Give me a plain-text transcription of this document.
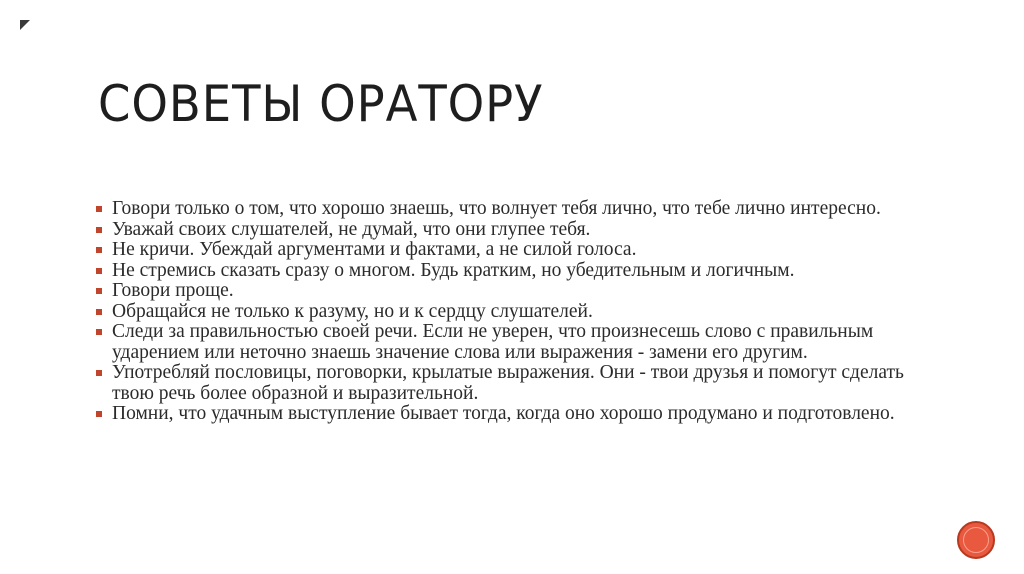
СОВЕТЫ ОРАТОРУ
Говори только о том, что хорошо знаешь, что волнует тебя лично, что тебе лично интересно.
Уважай своих слушателей, не думай, что они глупее тебя.
Не кричи. Убеждай аргументами и фактами, а не силой голоса.
Не стремись сказать сразу о многом. Будь кратким, но убедительным и логичным.
Говори проще.
Обращайся не только к разуму, но и к сердцу слушателей.
Следи за правильностью своей речи. Если не уверен, что произнесешь слово с правильным ударением или неточно знаешь значение слова или выражения - замени его другим.
Употребляй пословицы, поговорки, крылатые выражения. Они - твои друзья и помогут сделать твою речь более образной и выразительной.
Помни, что удачным выступление бывает тогда, когда оно хорошо продумано и подготовлено.
